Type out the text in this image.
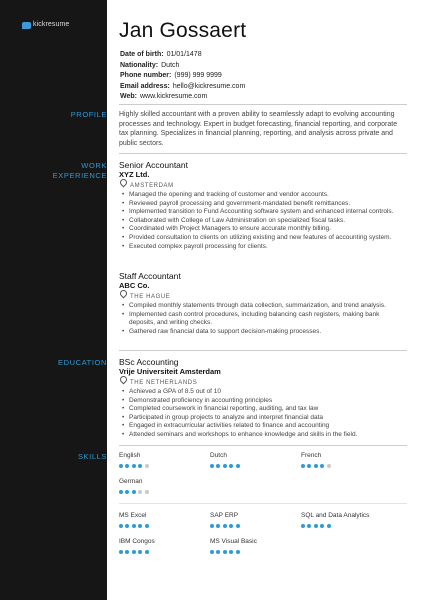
kickresume Jan Gossaert
Date of birth: 01/01/1478
Nationality: Dutch
Phone number: (999) 999 9999
Email address: hello@kickresume.com
Web: www.kickresume.com
PROFILE Highly skilled accountant with a proven ability to seamlessly adapt to evolving accounting processes and technology. Expert in budget forecasting, financial reporting, and corporate tax planning. Specializes in financial planning, reporting, and analysis across private and public sectors.

WORK
EXPERIENCE
Senior Accountant
XYZ Ltd.
AMSTERDAM
• Managed the opening and tracking of customer and vendor accounts.
• Reviewed payroll processing and government-mandated benefit remittances.
• Implemented transition to Fund Accounting software system and enhanced internal controls.
• Collaborated with College of Law Administration on specialized fiscal tasks.
• Coordinated with Project Managers to ensure accurate monthly billing.
• Provided consultation to clients on utilizing existing and new features of accounting system.
• Executed complex payroll processing for clients.
Staff Accountant
ABC Co.
THE HAGUE
• Compiled monthly statements through data collection, summarization, and trend analysis.
• Implemented cash control procedures, including balancing cash registers, making bank deposits, and writing checks.
• Gathered raw financial data to support decision-making processes.
EDUCATION BSc Accounting
Vrije Universiteit Amsterdam
THE NETHERLANDS
• Achieved a GPA of 8.5 out of 10
• Demonstrated proficiency in accounting principles
• Completed coursework in financial reporting, auditing, and tax law
• Participated in group projects to analyze and interpret financial data
• Engaged in extracurricular activities related to finance and accounting
• Attended seminars and workshops to enhance knowledge and skills in the field.
SKILLS English	Dutch	French
German
MS Excel	SAP ERP	SQL and Data Analytics
IBM Congos	MS Visual Basic
